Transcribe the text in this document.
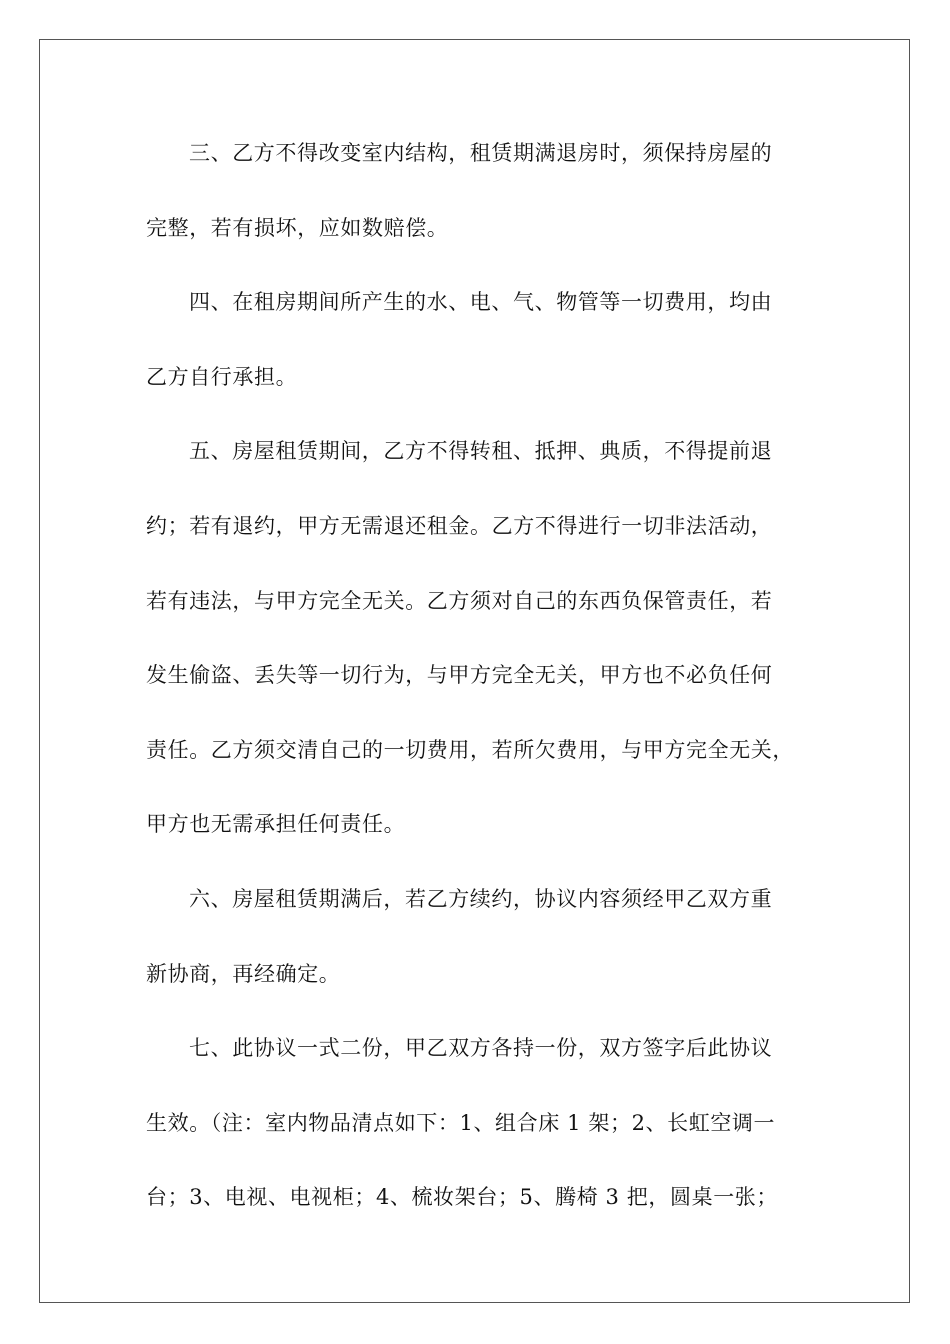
三、乙方不得改变室内结构，租赁期满退房时，须保持房屋的
完整，若有损坏，应如数赔偿。
四、在租房期间所产生的水、电、气、物管等一切费用，均由
乙方自行承担。
五、房屋租赁期间，乙方不得转租、抵押、典质，不得提前退
约；若有退约，甲方无需退还租金。乙方不得进行一切非法活动，
若有违法，与甲方完全无关。乙方须对自己的东西负保管责任，若
发生偷盗、丢失等一切行为，与甲方完全无关，甲方也不必负任何
责任。乙方须交清自己的一切费用，若所欠费用，与甲方完全无关，
甲方也无需承担任何责任。
六、房屋租赁期满后，若乙方续约，协议内容须经甲乙双方重
新协商，再经确定。
七、此协议一式二份，甲乙双方各持一份，双方签字后此协议
生效。（注：室内物品清点如下：1、组合床 1 架；2、长虹空调一
台；3、电视、电视柜；4、梳妆架台；5、腾椅 3 把，圆桌一张；
